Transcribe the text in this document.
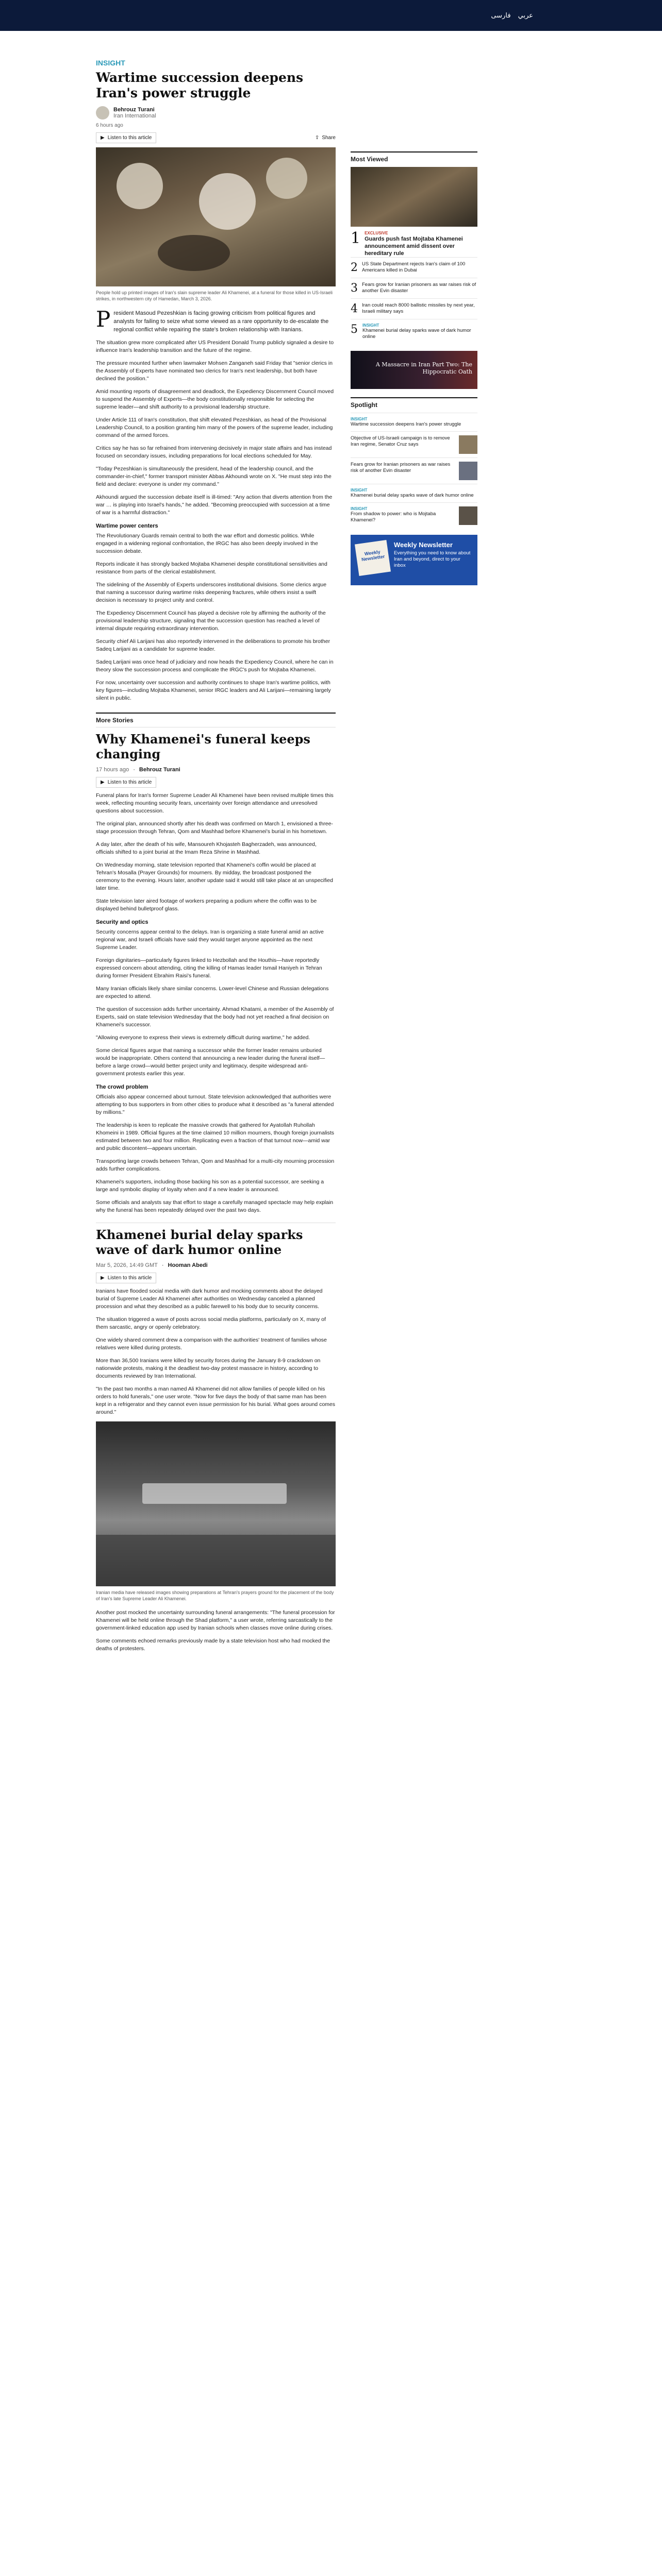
فارسی عربي
INSIGHT
Wartime succession deepens Iran's power struggle
Behrouz Turani
Iran International
6 hours ago
▶ Listen to this article	⇪ Share
People hold up printed images of Iran's slain supreme leader Ali Khamenei, at a funeral for those killed in US-Israeli strikes, in northwestern city of Hamedan, March 3, 2026.

President Masoud Pezeshkian is facing growing criticism from political figures and analysts for failing to seize what some viewed as a rare opportunity to de-escalate the regional conflict while repairing the state's broken relationship with Iranians.

The situation grew more complicated after US President Donald Trump publicly signaled a desire to influence Iran's leadership transition and the future of the regime.

The pressure mounted further when lawmaker Mohsen Zanganeh said Friday that "senior clerics in the Assembly of Experts have nominated two clerics for Iran's next leadership, but both have declined the position."

Amid mounting reports of disagreement and deadlock, the Expediency Discernment Council moved to suspend the Assembly of Experts—the body constitutionally responsible for selecting the supreme leader—and shift authority to a provisional leadership structure.

Under Article 111 of Iran's constitution, that shift elevated Pezeshkian, as head of the Provisional Leadership Council, to a position granting him many of the powers of the supreme leader, including command of the armed forces.

Critics say he has so far refrained from intervening decisively in major state affairs and has instead focused on secondary issues, including preparations for local elections scheduled for May.

"Today Pezeshkian is simultaneously the president, head of the leadership council, and the commander-in-chief," former transport minister Abbas Akhoundi wrote on X. "He must step into the field and declare: everyone is under my command."

Akhoundi argued the succession debate itself is ill-timed: "Any action that diverts attention from the war … is playing into Israel's hands," he added. "Becoming preoccupied with succession at a time of war is a harmful distraction."

Wartime power centers

The Revolutionary Guards remain central to both the war effort and domestic politics. While engaged in a widening regional confrontation, the IRGC has also been deeply involved in the succession debate.

Reports indicate it has strongly backed Mojtaba Khamenei despite constitutional sensitivities and resistance from parts of the clerical establishment.

The sidelining of the Assembly of Experts underscores institutional divisions. Some clerics argue that naming a successor during wartime risks deepening fractures, while others insist a swift decision is necessary to project unity and control.

The Expediency Discernment Council has played a decisive role by affirming the authority of the provisional leadership structure, signaling that the succession question has reached a level of internal dispute requiring extraordinary intervention.

Security chief Ali Larijani has also reportedly intervened in the deliberations to promote his brother Sadeq Larijani as a candidate for supreme leader.

Sadeq Larijani was once head of judiciary and now heads the Expediency Council, where he can in theory slow the succession process and complicate the IRGC's push for Mojtaba Khamenei.

For now, uncertainty over succession and authority continues to shape Iran's wartime politics, with key figures—including Mojtaba Khamenei, senior IRGC leaders and Ali Larijani—remaining largely silent in public.

More Stories
Why Khamenei's funeral keeps changing
17 hours ago · Behrouz Turani
▶ Listen to this article

Funeral plans for Iran's former Supreme Leader Ali Khamenei have been revised multiple times this week, reflecting mounting security fears, uncertainty over foreign attendance and unresolved questions about succession.

The original plan, announced shortly after his death was confirmed on March 1, envisioned a three-stage procession through Tehran, Qom and Mashhad before Khamenei's burial in his hometown.

A day later, after the death of his wife, Mansoureh Khojasteh Bagherzadeh, was announced, officials shifted to a joint burial at the Imam Reza Shrine in Mashhad.

On Wednesday morning, state television reported that Khamenei's coffin would be placed at Tehran's Mosalla (Prayer Grounds) for mourners. By midday, the broadcast postponed the ceremony to the evening. Hours later, another update said it would still take place at an unspecified later time.

State television later aired footage of workers preparing a podium where the coffin was to be displayed behind bulletproof glass.

Security and optics

Security concerns appear central to the delays. Iran is organizing a state funeral amid an active regional war, and Israeli officials have said they would target anyone appointed as the next Supreme Leader.

Foreign dignitaries—particularly figures linked to Hezbollah and the Houthis—have reportedly expressed concern about attending, citing the killing of Hamas leader Ismail Haniyeh in Tehran during former President Ebrahim Raisi's funeral.

Many Iranian officials likely share similar concerns. Lower-level Chinese and Russian delegations are expected to attend.

The question of succession adds further uncertainty. Ahmad Khatami, a member of the Assembly of Experts, said on state television Wednesday that the body had not yet reached a final decision on Khamenei's successor.

"Allowing everyone to express their views is extremely difficult during wartime," he added.

Some clerical figures argue that naming a successor while the former leader remains unburied would be inappropriate. Others contend that announcing a new leader during the funeral itself—before a large crowd—would better project unity and legitimacy, despite widespread anti-government protests earlier this year.

The crowd problem

Officials also appear concerned about turnout. State television acknowledged that authorities were attempting to bus supporters in from other cities to produce what it described as "a funeral attended by millions."

The leadership is keen to replicate the massive crowds that gathered for Ayatollah Ruhollah Khomeini in 1989. Official figures at the time claimed 10 million mourners, though foreign journalists estimated between two and four million. Replicating even a fraction of that turnout now—amid war and public discontent—appears uncertain.

Transporting large crowds between Tehran, Qom and Mashhad for a multi-city mourning procession adds further complications.

Khamenei's supporters, including those backing his son as a potential successor, are seeking a large and symbolic display of loyalty when and if a new leader is announced.

Some officials and analysts say that effort to stage a carefully managed spectacle may help explain why the funeral has been repeatedly delayed over the past two days.

Khamenei burial delay sparks wave of dark humor online
Mar 5, 2026, 14:49 GMT · Hooman Abedi
▶ Listen to this article

Iranians have flooded social media with dark humor and mocking comments about the delayed burial of Supreme Leader Ali Khamenei after authorities on Wednesday canceled a planned procession and what they described as a public farewell to his body due to security concerns.

The situation triggered a wave of posts across social media platforms, particularly on X, many of them sarcastic, angry or openly celebratory.

One widely shared comment drew a comparison with the authorities' treatment of families whose relatives were killed during protests.

More than 36,500 Iranians were killed by security forces during the January 8-9 crackdown on nationwide protests, making it the deadliest two-day protest massacre in history, according to documents reviewed by Iran International.

"In the past two months a man named Ali Khamenei did not allow families of people killed on his orders to hold funerals," one user wrote. "Now for five days the body of that same man has been kept in a refrigerator and they cannot even issue permission for his burial. What goes around comes around."

Iranian media have released images showing preparations at Tehran's prayers ground for the placement of the body of Iran's late Supreme Leader Ali Khamenei.

Another post mocked the uncertainty surrounding funeral arrangements: "The funeral procession for Khamenei will be held online through the Shad platform," a user wrote, referring sarcastically to the government-linked education app used by Iranian schools when classes move online during crises.

Some comments echoed remarks previously made by a state television host who had mocked the deaths of protesters.

Most Viewed
1 EXCLUSIVE
Guards push fast Mojtaba Khamenei announcement amid dissent over hereditary rule
2 US State Department rejects Iran's claim of 100 Americans killed in Dubai
3 Fears grow for Iranian prisoners as war raises risk of another Evin disaster
4 Iran could reach 8000 ballistic missiles by next year, Israeli military says
5 INSIGHT
Khamenei burial delay sparks wave of dark humor online
A Massacre in Iran Part Two: The Hippocratic Oath
Spotlight
INSIGHT
Wartime succession deepens Iran's power struggle
Objective of US-Israeli campaign is to remove Iran regime, Senator Cruz says
Fears grow for Iranian prisoners as war raises risk of another Evin disaster
INSIGHT
Khamenei burial delay sparks wave of dark humor online
INSIGHT
From shadow to power: who is Mojtaba Khamenei?
Weekly Newsletter
Weekly Newsletter
Everything you need to know about Iran and beyond, direct to your inbox
